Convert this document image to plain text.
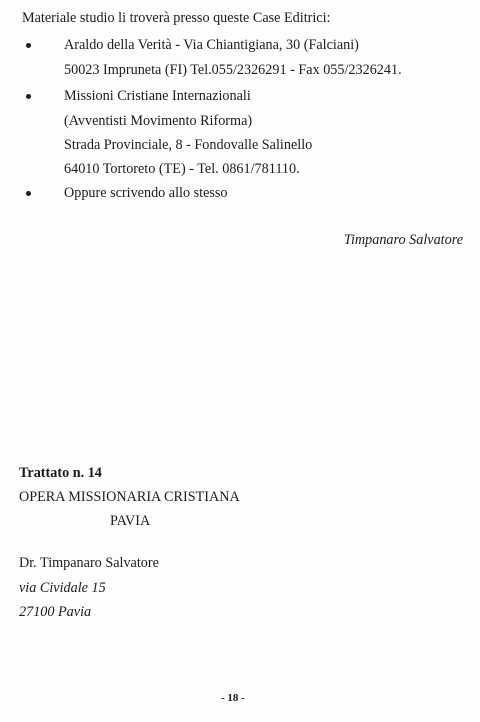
Materiale studio li troverà presso queste Case Editrici:
Araldo della Verità - Via Chiantigiana, 30 (Falciani)
50023 Impruneta (FI) Tel.055/2326291 - Fax 055/2326241.
Missioni Cristiane Internazionali
(Avventisti Movimento Riforma)
Strada Provinciale, 8 - Fondovalle Salinello
64010 Tortoreto (TE) - Tel. 0861/781110.
Oppure scrivendo allo stesso
Timpanaro Salvatore
Trattato n. 14
OPERA MISSIONARIA CRISTIANA
PAVIA
Dr. Timpanaro Salvatore
via Cividale 15
27100 Pavia
- 18 -
